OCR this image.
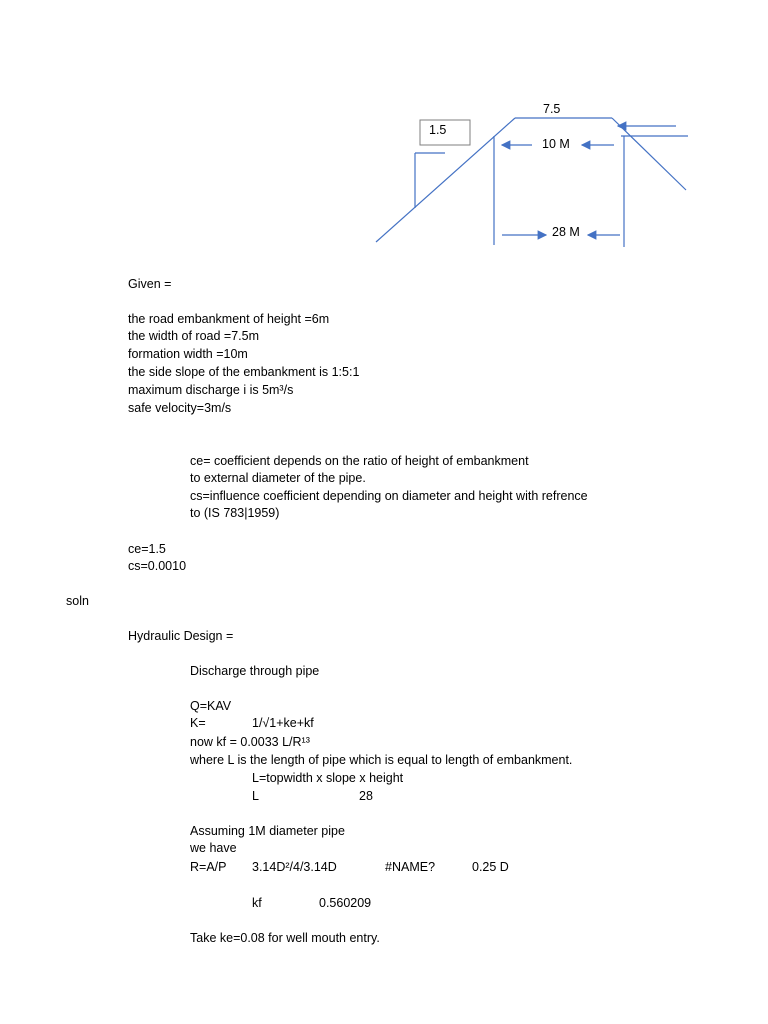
1.5
7.5
10 M
28 M
Given =
the road embankment of height =6m
the width of road =7.5m
formation width =10m
the side slope of the embankment is 1:5:1
maximum discharge i is 5m³/s
safe velocity=3m/s
ce= coefficient depends on the ratio of height of embankment
to external diameter of the pipe.
cs=influence coefficient depending on diameter and height with refrence
to (IS 783|1959)
ce=1.5
cs=0.0010
soln
Hydraulic Design =
Discharge through pipe
Q=KAV
K=	1/√1+ke+kf
now kf = 0.0033 L/R¹³
where L is the length of pipe which is equal to length of embankment.
L=topwidth x slope x height
L	28
Assuming 1M diameter pipe
we have
R=A/P 3.14D²/4/3.14D	#NAME?	0.25 D
kf	0.560209
Take ke=0.08 for well mouth entry.
